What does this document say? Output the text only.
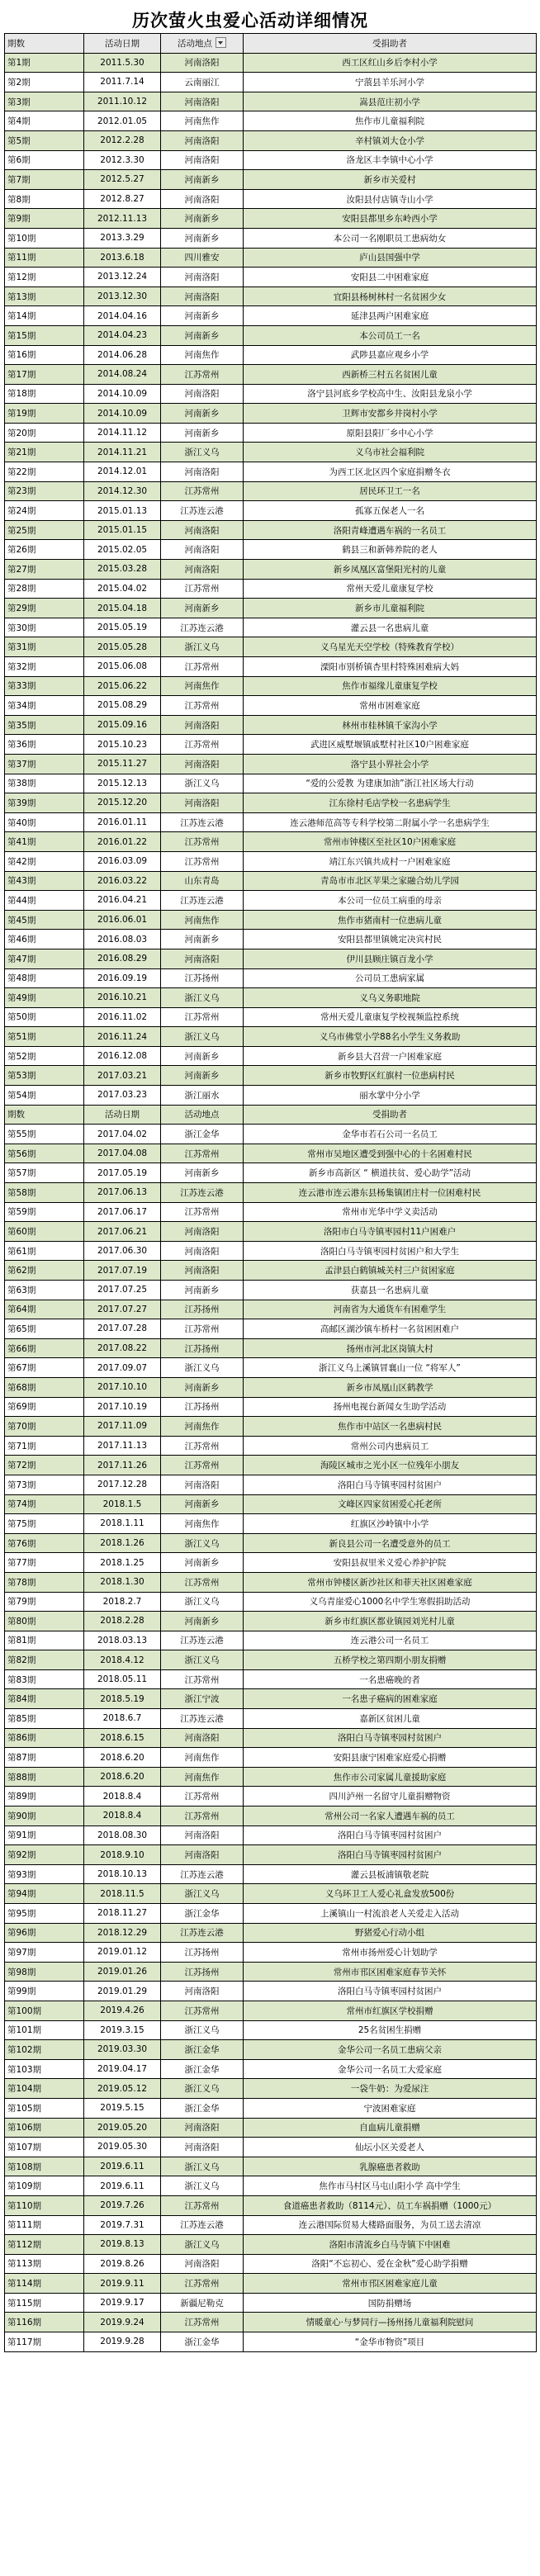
历次萤火虫爱心活动详细情况
期数	活动日期	活动地点	受捐助者
第1期	2011.5.30	河南洛阳	西工区红山乡后李村小学
第2期	2011.7.14	云南丽江	宁蒗县羊乐河小学
第3期	2011.10.12	河南洛阳	嵩县范庄初小学
第4期	2012.01.05	河南焦作	焦作市儿童福利院
第5期	2012.2.28	河南洛阳	辛村镇刘大仓小学
第6期	2012.3.30	河南洛阳	洛龙区丰李镇中心小学
第7期	2012.5.27	河南新乡	新乡市关爱村
第8期	2012.8.27	河南洛阳	汝阳县付店镇寺山小学
第9期	2012.11.13	河南新乡	安阳县都里乡东岭西小学
第10期	2013.3.29	河南新乡	本公司一名刚职员工患病幼女
第11期	2013.6.18	四川雅安	庐山县国强中学
第12期	2013.12.24	河南洛阳	安阳县二中困难家庭
第13期	2013.12.30	河南洛阳	宜阳县杨树林村一名贫困少女
第14期	2014.04.16	河南新乡	延津县两户困难家庭
第15期	2014.04.23	河南新乡	本公司员工一名
第16期	2014.06.28	河南焦作	武陟县嘉应观乡小学
第17期	2014.08.24	江苏常州	西新桥三村五名贫困儿童
第18期	2014.10.09	河南洛阳	洛宁县河底乡学校高中生、汝阳县龙泉小学
第19期	2014.10.09	河南新乡	卫辉市安都乡井岗村小学
第20期	2014.11.12	河南新乡	原阳县阳厂乡中心小学
第21期	2014.11.21	浙江义乌	义乌市社会福利院
第22期	2014.12.01	河南洛阳	为西工区北区四个家庭捐赠冬衣
第23期	2014.12.30	江苏常州	居民环卫工一名
第24期	2015.01.13	江苏连云港	孤寡五保老人一名
第25期	2015.01.15	河南洛阳	洛阳青峰遭遇车祸的一名员工
第26期	2015.02.05	河南洛阳	鹤县三和新韩养院的老人
第27期	2015.03.28	河南洛阳	新乡凤凰区富堡阳光村的儿童
第28期	2015.04.02	江苏常州	常州天爱儿童康复学校
第29期	2015.04.18	河南新乡	新乡市儿童福利院
第30期	2015.05.19	江苏连云港	灌云县一名患病儿童
第31期	2015.05.28	浙江义乌	义乌星光天空学校（特殊教育学校）
第32期	2015.06.08	江苏常州	溧阳市别桥镇杏里村特殊困难病大妈
第33期	2015.06.22	河南焦作	焦作市福缘儿童康复学校
第34期	2015.08.29	江苏常州	常州市困难家庭
第35期	2015.09.16	河南洛阳	林州市桂林镇千家沟小学
第36期	2015.10.23	江苏常州	武进区威墅堰镇戚墅村社区10户困难家庭
第37期	2015.11.27	河南洛阳	洛宁县小界社会小学
第38期	2015.12.13	浙江义乌	“爱的公爱教 为建康加油”浙江社区场大行动
第39期	2015.12.20	河南洛阳	江东徐村毛店学校一名患病学生
第40期	2016.01.11	江苏连云港	连云港师范高等专科学校第二附属小学一名患病学生
第41期	2016.01.22	江苏常州	常州市钟楼区至社区10户困难家庭
第42期	2016.03.09	江苏常州	靖江东兴镇共成村一户困难家庭
第43期	2016.03.22	山东青岛	青岛市市北区苹果之家融合幼儿学园
第44期	2016.04.21	江苏连云港	本公司一位员工病重的母亲
第45期	2016.06.01	河南焦作	焦作市猪南村一位患病儿童
第46期	2016.08.03	河南新乡	安阳县都里镇姚定决宾村民
第47期	2016.08.29	河南洛阳	伊川县顾庄镇百龙小学
第48期	2016.09.19	江苏扬州	公司员工患病家属
第49期	2016.10.21	浙江义乌	义乌义务职地院
第50期	2016.11.02	江苏常州	常州天爱儿童康复学校视频监控系统
第51期	2016.11.24	浙江义乌	义乌市佛堂小学88名小学生义务救助
第52期	2016.12.08	河南新乡	新乡县大召营一户困难家庭
第53期	2017.03.21	河南新乡	新乡市牧野区红旗村一位患病村民
第54期	2017.03.23	浙江丽水	丽水掌中分小学
期数	活动日期	活动地点	受捐助者
第55期	2017.04.02	浙江金华	金华市若石公司一名员工
第56期	2017.04.08	江苏常州	常州市吴地区遭受到强中心的十名困难村民
第57期	2017.05.19	河南新乡	新乡市高新区 “ 横道扶贫、爱心助学”活动
第58期	2017.06.13	江苏连云港	连云港市连云港东县杨集镇团庄村一位困难村民
第59期	2017.06.17	江苏常州	常州市光华中学义卖活动
第60期	2017.06.21	河南洛阳	洛阳市白马寺镇枣园村11户困难户
第61期	2017.06.30	河南洛阳	洛阳白马寺镇枣园村贫困户和大学生
第62期	2017.07.19	河南洛阳	孟津县白鹤镇城关村三户贫困家庭
第63期	2017.07.25	河南新乡	获嘉县一名患病儿童
第64期	2017.07.27	江苏扬州	河南省为大通货车有困难学生
第65期	2017.07.28	江苏常州	高邮区湖沙镇车桥村一名贫困困难户
第66期	2017.08.22	江苏扬州	扬州市河北区岗镇大村
第67期	2017.09.07	浙江义乌	浙江义乌上溪镇冒襄山一位 “将军人”
第68期	2017.10.10	河南新乡	新乡市凤凰山区鹤教学
第69期	2017.10.19	江苏扬州	扬州电视台新闻女生助学活动
第70期	2017.11.09	河南焦作	焦作市中站区一名患病村民
第71期	2017.11.13	江苏常州	常州公司内患病员工
第72期	2017.11.26	江苏常州	海陵区城市之光小区一位残年小朋友
第73期	2017.12.28	河南洛阳	洛阳白马寺镇枣园村贫困户
第74期	2018.1.5	河南新乡	文峰区四家贫困爱心托老所
第75期	2018.1.11	河南焦作	红旗区沙岭镇中小学
第76期	2018.1.26	浙江义乌	新良县公司一名遭受意外的员工
第77期	2018.1.25	河南新乡	安阳县叔里米义爱心养护护院
第78期	2018.1.30	江苏常州	常州市钟楼区新沙社区和菲天社区困难家庭
第79期	2018.2.7	浙江义乌	义乌青崖爱心1000名中学生寒假捐助活动
第80期	2018.2.28	河南新乡	新乡市红旗区都业镇园刘光村儿童
第81期	2018.03.13	江苏连云港	连云港公司一名员工
第82期	2018.4.12	浙江义乌	五桥学校之第四期小朋友捐赠
第83期	2018.05.11	江苏常州	一名患癌晚的者
第84期	2018.5.19	浙江宁波	一名患子癌病的困难家庭
第85期	2018.6.7	江苏连云港	嘉新区贫困儿童
第86期	2018.6.15	河南洛阳	洛阳白马寺镇枣园村贫困户
第87期	2018.6.20	河南焦作	安阳县康宁困难家庭爱心捐赠
第88期	2018.6.20	河南焦作	焦作市公司家属儿童援助家庭
第89期	2018.8.4	江苏常州	四川泸州一名留守儿童捐赠物资
第90期	2018.8.4	江苏常州	常州公司一名家人遭遇车祸的员工
第91期	2018.08.30	河南洛阳	洛阳白马寺镇枣园村贫困户
第92期	2018.9.10	河南洛阳	洛阳白马寺镇枣园村贫困户
第93期	2018.10.13	江苏连云港	灌云县板浦镇敬老院
第94期	2018.11.5	浙江义乌	义乌环卫工人爱心礼盒发放500份
第95期	2018.11.27	浙江金华	上溪镇山一村流浪老人关爱走入活动
第96期	2018.12.29	江苏连云港	野猪爱心行动小组
第97期	2019.01.12	江苏扬州	常州市扬州爱心计划助学
第98期	2019.01.26	江苏扬州	常州市邗区困难家庭春节关怀
第99期	2019.01.29	河南洛阳	洛阳白马寺镇枣园村贫困户
第100期	2019.4.26	江苏常州	常州市红旗区学校捐赠
第101期	2019.3.15	浙江义乌	25名贫困生捐赠
第102期	2019.03.30	浙江金华	金华公司一名员工患病父亲
第103期	2019.04.17	浙江金华	金华公司一名员工大爱家庭
第104期	2019.05.12	浙江义乌	一袋牛奶：为爱尿注
第105期	2019.5.15	浙江金华	宁波困难家庭
第106期	2019.05.20	河南洛阳	自血病儿童捐赠
第107期	2019.05.30	河南洛阳	仙坛小区关爱老人
第108期	2019.6.11	浙江义乌	乳腺癌患者救助
第109期	2019.6.11	浙江义乌	焦作市马村区马屯山阳小学 高中学生
第110期	2019.7.26	江苏常州	食道癌患者救助（8114元）、员工车祸捐赠（1000元）
第111期	2019.7.31	江苏连云港	连云港国际贸易大楼路面服务，为员工送去清凉
第112期	2019.8.13	浙江义乌	洛阳市清流乡白马寺镇下中困难
第113期	2019.8.26	河南洛阳	洛阳“不忘初心、爱在金秋”爱心助学捐赠
第114期	2019.9.11	江苏常州	常州市邗区困难家庭儿童
第115期	2019.9.17	新疆尼勒克	国防捐赠场
第116期	2019.9.24	江苏常州	情暖童心·与梦同行—扬州扬儿童福利院慰问
第117期	2019.9.28	浙江金华	“金华市物资”项目
